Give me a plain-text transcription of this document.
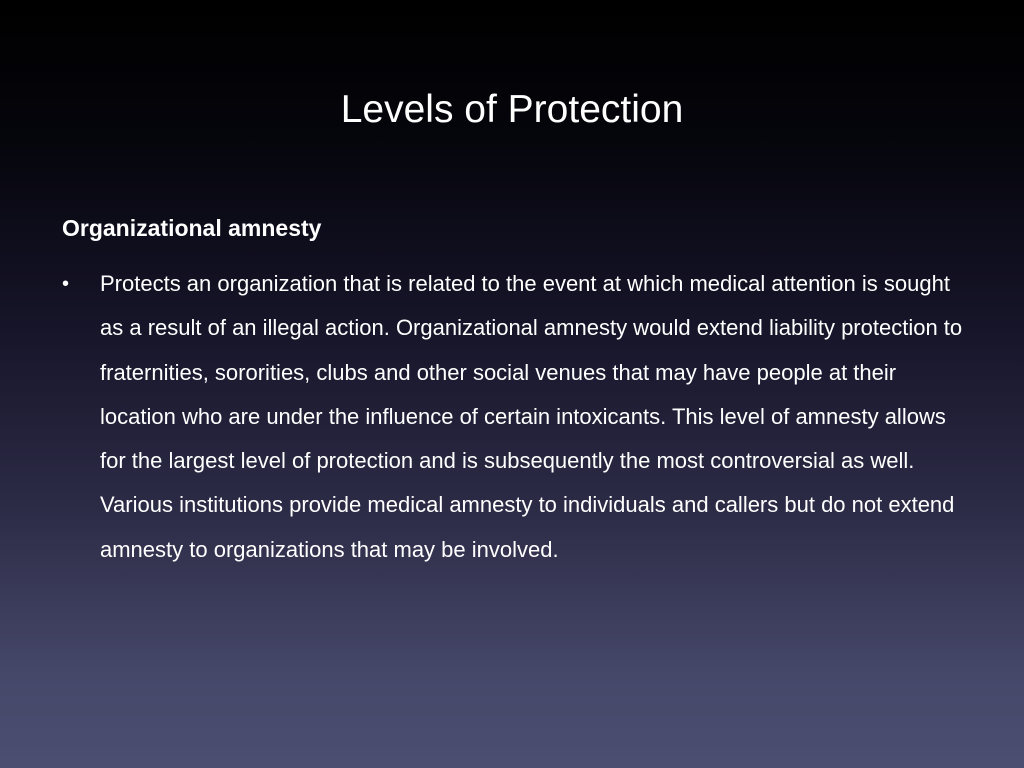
Levels of Protection
Organizational amnesty
•	Protects an organization that is related to the event at which medical attention is sought as a result of an illegal action. Organizational amnesty would extend liability protection to fraternities, sororities, clubs and other social venues that may have people at their location who are under the influence of certain intoxicants. This level of amnesty allows for the largest level of protection and is subsequently the most controversial as well. Various institutions provide medical amnesty to individuals and callers but do not extend amnesty to organizations that may be involved.
